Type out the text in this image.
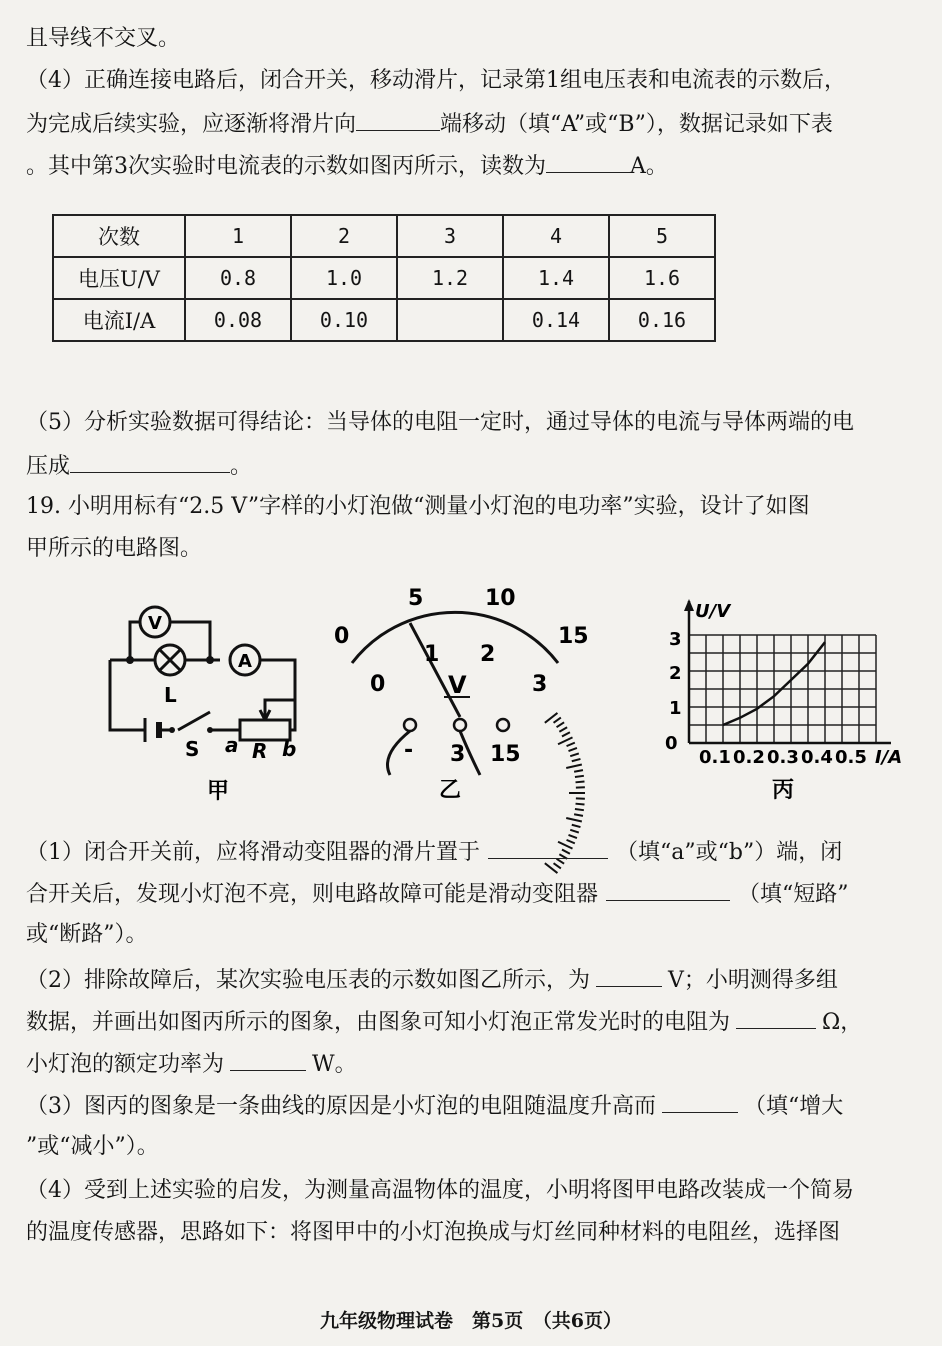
且导线不交叉。
（4）正确连接电路后，闭合开关，移动滑片，记录第1组电压表和电流表的示数后，
为完成后续实验，应逐渐将滑片向	端移动（填“A”或“B”），数据记录如下表
。其中第3次实验时电流表的示数如图丙所示，读数为	A。
次数	1	2	3	4	5
电压U/V	0.8	1.0	1.2	1.4	1.6
电流I/A	0.08	0.10		0.14	0.16
（5）分析实验数据可得结论：当导体的电阻一定时，通过导体的电流与导体两端的电
压成	。
19. 小明用标有“2.5 V”字样的小灯泡做“测量小灯泡的电功率”实验，设计了如图
甲所示的电路图。
V
A
L
S a R b
甲
0
5	10
15
0
1 2
3
V
- 3 15
乙
U/V
I/A
0
1
2
3
0.1 0.2 0.3 0.4 0.5
丙
（1）闭合开关前，应将滑动变阻器的滑片置于	（填“a”或“b”）端，闭
合开关后，发现小灯泡不亮，则电路故障可能是滑动变阻器	（填“短路”
或“断路”）。
（2）排除故障后，某次实验电压表的示数如图乙所示，为	V；小明测得多组
数据，并画出如图丙所示的图象，由图象可知小灯泡正常发光时的电阻为	Ω，
小灯泡的额定功率为	W。
（3）图丙的图象是一条曲线的原因是小灯泡的电阻随温度升高而	（填“增大
”或“减小”）。
（4）受到上述实验的启发，为测量高温物体的温度，小明将图甲电路改装成一个简易
的温度传感器，思路如下：将图甲中的小灯泡换成与灯丝同种材料的电阻丝，选择图
九年级物理试卷　第5页　（共6页）
